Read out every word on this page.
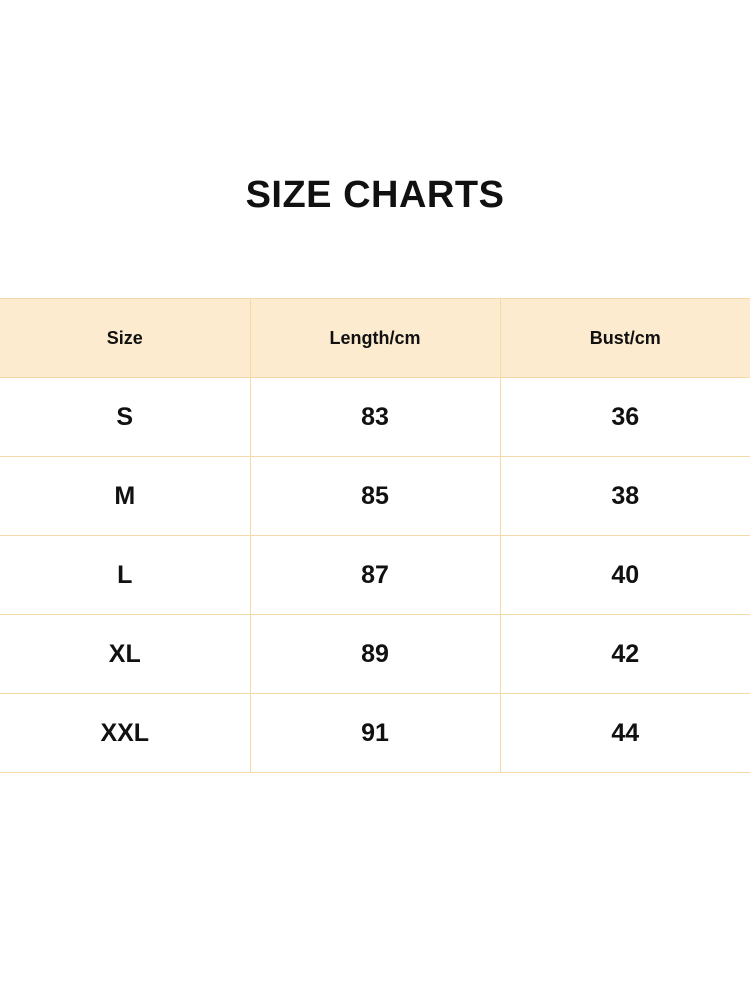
SIZE CHARTS
Size	Length/cm	Bust/cm
S	83	36
M	85	38
L	87	40
XL	89	42
XXL	91	44
